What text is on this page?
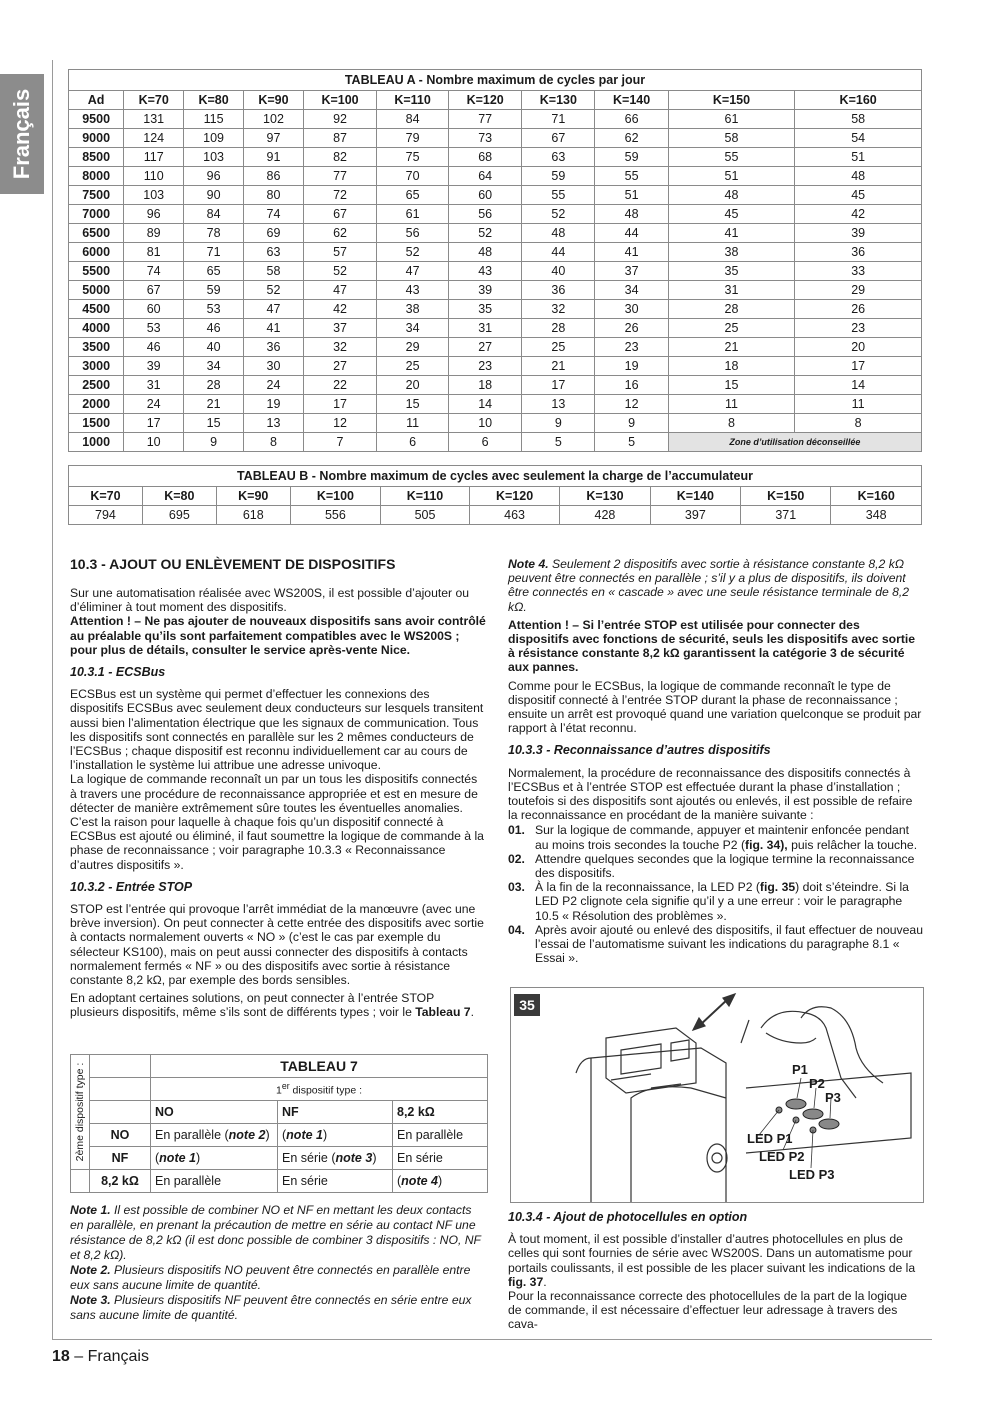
Français
TABLEAU A - Nombre maximum de cycles par jour										
Ad	K=70	K=80	K=90	K=100	K=110	K=120	K=130	K=140	K=150	K=160
9500	131	115	102	92	84	77	71	66	61	58
9000	124	109	97	87	79	73	67	62	58	54
8500	117	103	91	82	75	68	63	59	55	51
8000	110	96	86	77	70	64	59	55	51	48
7500	103	90	80	72	65	60	55	51	48	45
7000	96	84	74	67	61	56	52	48	45	42
6500	89	78	69	62	56	52	48	44	41	39
6000	81	71	63	57	52	48	44	41	38	36
5500	74	65	58	52	47	43	40	37	35	33
5000	67	59	52	47	43	39	36	34	31	29
4500	60	53	47	42	38	35	32	30	28	26
4000	53	46	41	37	34	31	28	26	25	23
3500	46	40	36	32	29	27	25	23	21	20
3000	39	34	30	27	25	23	21	19	18	17
2500	31	28	24	22	20	18	17	16	15	14
2000	24	21	19	17	15	14	13	12	11	11
1500	17	15	13	12	11	10	9	9	8	8
1000	10	9	8	7	6	6	5	5	Zone d’utilisation déconseillée	
TABLEAU B - Nombre maximum de cycles avec seulement la charge de l’accumulateur									
K=70	K=80	K=90	K=100	K=110	K=120	K=130	K=140	K=150	K=160
794	695	618	556	505	463	428	397	371	348
10.3 - AJOUT OU ENLÈVEMENT DE DISPOSITIFS

Sur une automatisation réalisée avec WS200S, il est possible d’ajouter ou d’éliminer à tout moment des dispositifs.

Attention ! – Ne pas ajouter de nouveaux dispositifs sans avoir contrôlé au préalable qu’ils sont parfaitement compatibles avec le WS200S ; pour plus de détails, consulter le service après-vente Nice.

10.3.1 - ECSBus

ECSBus est un système qui permet d’effectuer les connexions des dispositifs ECSBus avec seulement deux conducteurs sur lesquels transitent aussi bien l’alimentation électrique que les signaux de communication. Tous les dispositifs sont connectés en parallèle sur les 2 mêmes conducteurs de l’ECSBus ; chaque dispositif est reconnu individuellement car au cours de l’installation le système lui attribue une adresse univoque.

La logique de commande reconnaît un par un tous les dispositifs connectés à travers une procédure de reconnaissance appropriée et est en mesure de détecter de manière extrêmement sûre toutes les éventuelles anomalies. C’est la raison pour laquelle à chaque fois qu’un dispositif connecté à ECSBus est ajouté ou éliminé, il faut soumettre la logique de commande à la phase de reconnaissance ; voir paragraphe 10.3.3 « Reconnaissance d’autres dispositifs ».

10.3.2 - Entrée STOP

STOP est l’entrée qui provoque l’arrêt immédiat de la manœuvre (avec une brève inversion). On peut connecter à cette entrée des dispositifs avec sortie à contacts normalement ouverts « NO » (c’est le cas par exemple du sélecteur KS100), mais on peut aussi connecter des dispositifs à contacts normalement fermés « NF » ou des dispositifs avec sortie à résistance constante 8,2 kΩ, par exemple des bords sensibles.

En adoptant certaines solutions, on peut connecter à l’entrée STOP plusieurs dispositifs, même s’ils sont de différents types ; voir le Tableau 7.

2ème dispositif type :		TABLEAU 7		
		1er dispositif type :		
		NO	NF	8,2 kΩ
	NO	En parallèle (note 2)	(note 1)	En parallèle
	NF	(note 1)	En série (note 3)	En série
	8,2 kΩ	En parallèle	En série	(note 4)

Note 1. Il est possible de combiner NO et NF en mettant les deux contacts en parallèle, en prenant la précaution de mettre en série au contact NF une résistance de 8,2 kΩ (il est donc possible de combiner 3 dispositifs : NO, NF et 8,2 kΩ).

Note 2. Plusieurs dispositifs NO peuvent être connectés en parallèle entre eux sans aucune limite de quantité.

Note 3. Plusieurs dispositifs NF peuvent être connectés en série entre eux sans aucune limite de quantité.

Note 4. Seulement 2 dispositifs avec sortie à résistance constante 8,2 kΩ peuvent être connectés en parallèle ; s’il y a plus de dispositifs, ils doivent être connectés en « cascade » avec une seule résistance terminale de 8,2 kΩ.

Attention ! – Si l’entrée STOP est utilisée pour connecter des dispositifs avec fonctions de sécurité, seuls les dispositifs avec sortie à résistance constante 8,2 kΩ garantissent la catégorie 3 de sécurité aux pannes.

Comme pour le ECSBus, la logique de commande reconnaît le type de dispositif connecté à l’entrée STOP durant la phase de reconnaissance ; ensuite un arrêt est provoqué quand une variation quelconque se produit par rapport à l’état reconnu.

10.3.3 - Reconnaissance d’autres dispositifs

Normalement, la procédure de reconnaissance des dispositifs connectés à l’ECSBus et à l’entrée STOP est effectuée durant la phase d’installation ; toutefois si des dispositifs sont ajoutés ou enlevés, il est possible de refaire la reconnaissance en procédant de la manière suivante :

01. Sur la logique de commande, appuyer et maintenir enfoncée pendant au moins trois secondes la touche P2 (fig. 34), puis relâcher la touche.
02. Attendre quelques secondes que la logique termine la reconnaissance des dispositifs.
03. À la fin de la reconnaissance, la LED P2 (fig. 35) doit s’éteindre. Si la LED P2 clignote cela signifie qu’il y a une erreur : voir le paragraphe 10.5 « Résolution des problèmes ».
04. Après avoir ajouté ou enlevé des dispositifs, il faut effectuer de nouveau l’essai de l’automatisme suivant les indications du paragraphe 8.1 « Essai ».
35
P1
P2
P3
LED P1
LED P2
LED P3
10.3.4 - Ajout de photocellules en option

À tout moment, il est possible d’installer d’autres photocellules en plus de celles qui sont fournies de série avec WS200S. Dans un automatisme pour portails coulissants, il est possible de les placer suivant les indications de la fig. 37.

Pour la reconnaissance correcte des photocellules de la part de la logique de commande, il est nécessaire d’effectuer leur adressage à travers des cava-

18 – Français
